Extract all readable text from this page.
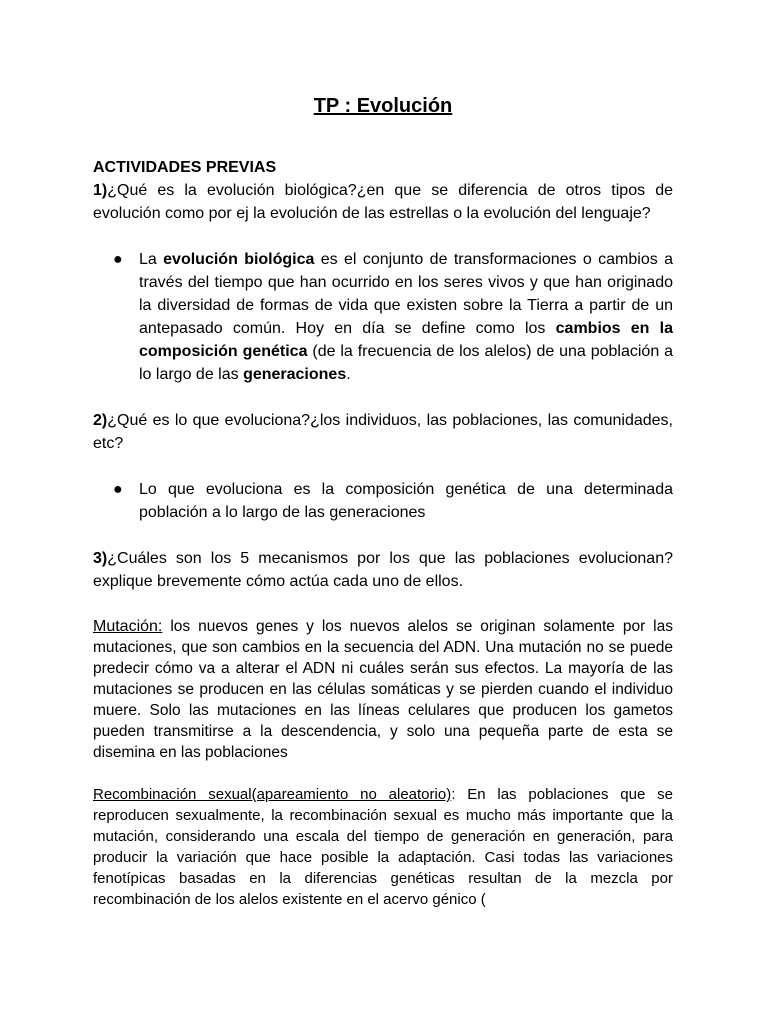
TP : Evolución

ACTIVIDADES PREVIAS

1)¿Qué es la evolución biológica?¿en que se diferencia de otros tipos de evolución como por ej la evolución de las estrellas o la evolución del lenguaje?

● La evolución biológica es el conjunto de transformaciones o cambios a través del tiempo que han ocurrido en los seres vivos y que han originado la diversidad de formas de vida que existen sobre la Tierra a partir de un antepasado común. Hoy en día se define como los cambios en la composición genética (de la frecuencia de los alelos) de una población a lo largo de las generaciones.

2)¿Qué es lo que evoluciona?¿los individuos, las poblaciones, las comunidades, etc?

● Lo que evoluciona es la composición genética de una determinada población a lo largo de las generaciones

3)¿Cuáles son los 5 mecanismos por los que las poblaciones evolucionan? explique brevemente cómo actúa cada uno de ellos.

Mutación: los nuevos genes y los nuevos alelos se originan solamente por las mutaciones, que son cambios en la secuencia del ADN. Una mutación no se puede predecir cómo va a alterar el ADN ni cuáles serán sus efectos. La mayoría de las mutaciones se producen en las células somáticas y se pierden cuando el individuo muere. Solo las mutaciones en las líneas celulares que producen los gametos pueden transmitirse a la descendencia, y solo una pequeña parte de esta se disemina en las poblaciones

Recombinación sexual(apareamiento no aleatorio): En las poblaciones que se reproducen sexualmente, la recombinación sexual es mucho más importante que la mutación, considerando una escala del tiempo de generación en generación, para producir la variación que hace posible la adaptación. Casi todas las variaciones fenotípicas basadas en la diferencias genéticas resultan de la mezcla por recombinación de los alelos existente en el acervo génico (
